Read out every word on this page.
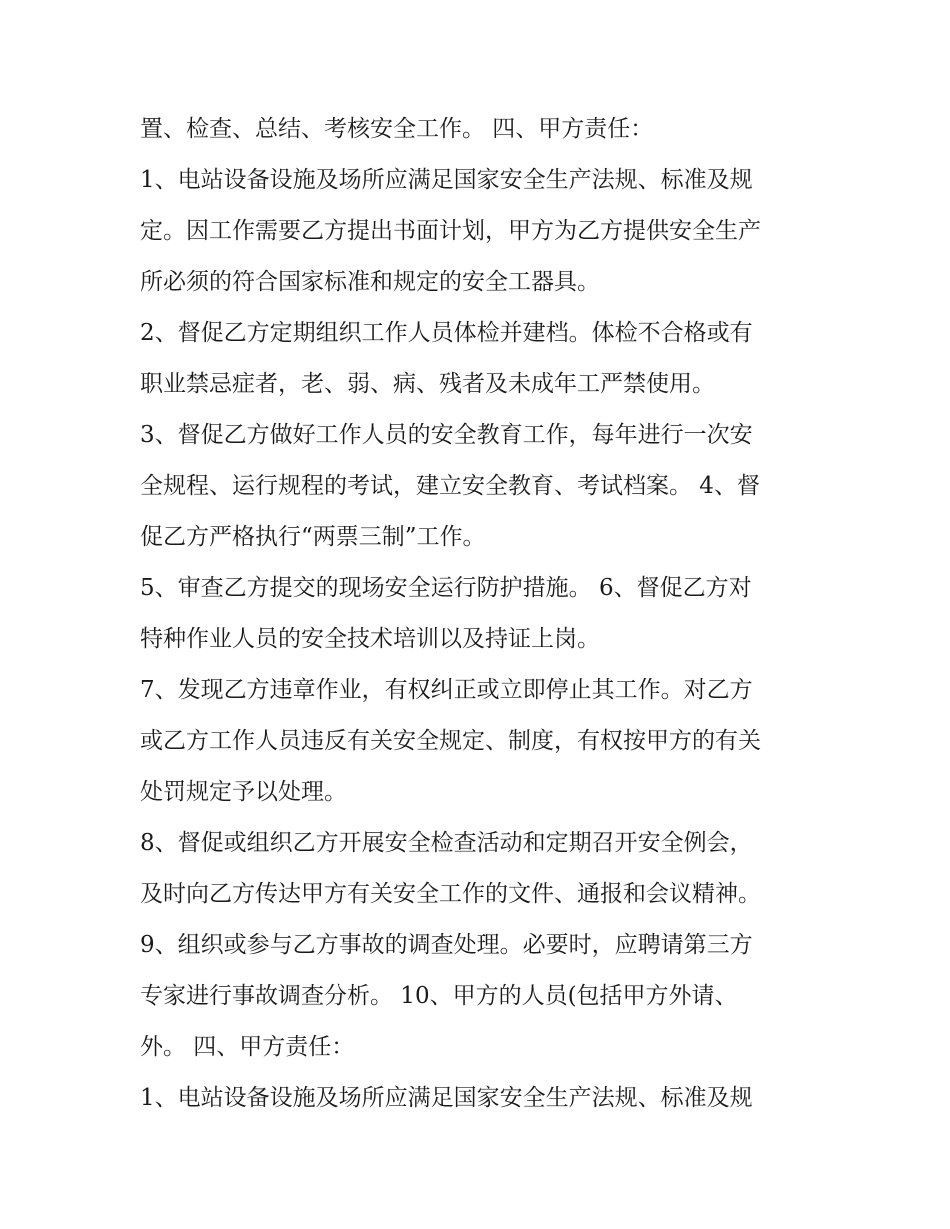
置、检查、总结、考核安全工作。 四、甲方责任：
1、电站设备设施及场所应满足国家安全生产法规、标准及规
定。因工作需要乙方提出书面计划，甲方为乙方提供安全生产
所必须的符合国家标准和规定的安全工器具。
2、督促乙方定期组织工作人员体检并建档。体检不合格或有
职业禁忌症者，老、弱、病、残者及未成年工严禁使用。
3、督促乙方做好工作人员的安全教育工作，每年进行一次安
全规程、运行规程的考试，建立安全教育、考试档案。 4、督
促乙方严格执行“两票三制”工作。
5、审查乙方提交的现场安全运行防护措施。 6、督促乙方对
特种作业人员的安全技术培训以及持证上岗。
7、发现乙方违章作业，有权纠正或立即停止其工作。对乙方
或乙方工作人员违反有关安全规定、制度，有权按甲方的有关
处罚规定予以处理。
8、督促或组织乙方开展安全检查活动和定期召开安全例会，
及时向乙方传达甲方有关安全工作的文件、通报和会议精神。
9、组织或参与乙方事故的调查处理。必要时，应聘请第三方
专家进行事故调查分析。 10、甲方的人员(包括甲方外请、
外。 四、甲方责任：
1、电站设备设施及场所应满足国家安全生产法规、标准及规
